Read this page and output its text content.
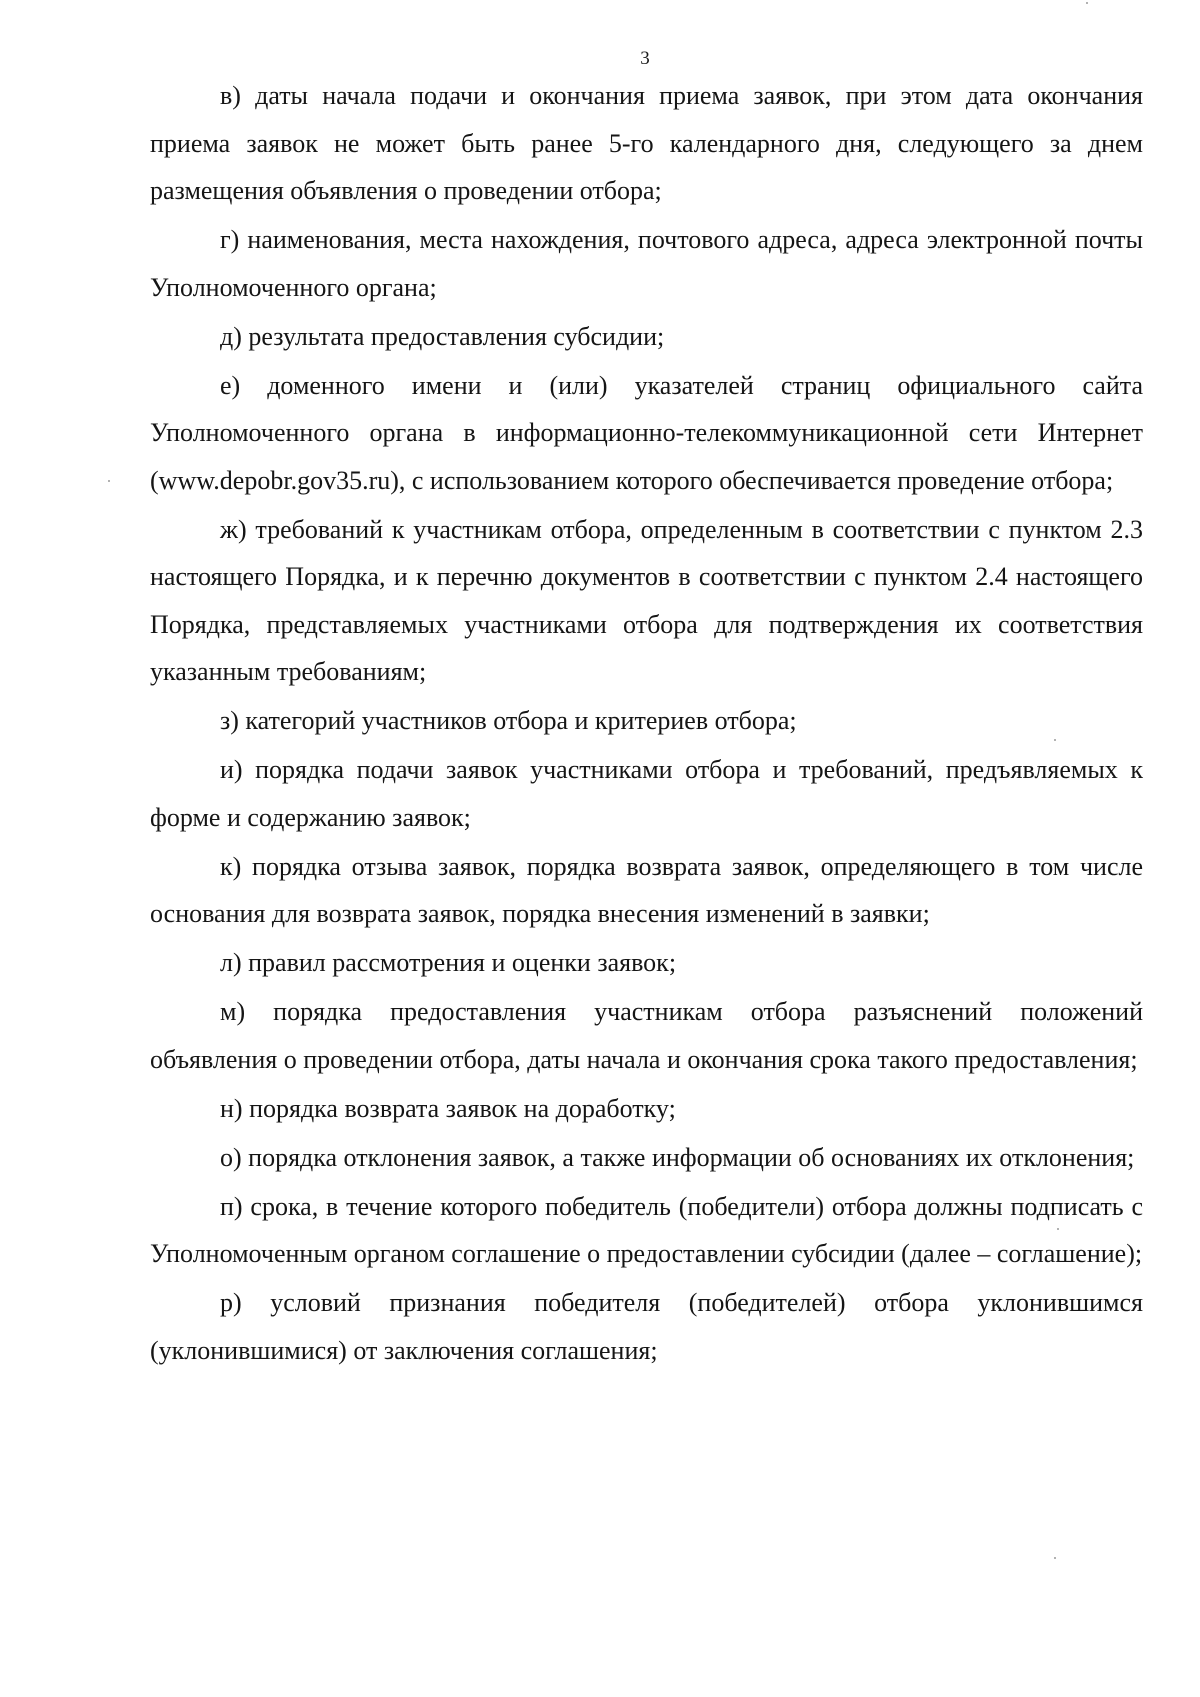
3

в) даты начала подачи и окончания приема заявок, при этом дата окончания приема заявок не может быть ранее 5-го календарного дня, следующего за днем размещения объявления о проведении отбора;

г) наименования, места нахождения, почтового адреса, адреса электронной почты Уполномоченного органа;

д) результата предоставления субсидии;

е) доменного имени и (или) указателей страниц официального сайта Уполномоченного органа в информационно-телекоммуникационной сети Интернет (www.depobr.gov35.ru), с использованием которого обеспечивается проведение отбора;

ж) требований к участникам отбора, определенным в соответствии с пунктом 2.3 настоящего Порядка, и к перечню документов в соответствии с пунктом 2.4 настоящего Порядка, представляемых участниками отбора для подтверждения их соответствия указанным требованиям;

з) категорий участников отбора и критериев отбора;

и) порядка подачи заявок участниками отбора и требований, предъявляемых к форме и содержанию заявок;

к) порядка отзыва заявок, порядка возврата заявок, определяющего в том числе основания для возврата заявок, порядка внесения изменений в заявки;

л) правил рассмотрения и оценки заявок;

м) порядка предоставления участникам отбора разъяснений положений объявления о проведении отбора, даты начала и окончания срока такого предоставления;

н) порядка возврата заявок на доработку;

о) порядка отклонения заявок, а также информации об основаниях их отклонения;

п) срока, в течение которого победитель (победители) отбора должны подписать с Уполномоченным органом соглашение о предоставлении субсидии (далее – соглашение);

р) условий признания победителя (победителей) отбора уклонившимся (уклонившимися) от заключения соглашения;
